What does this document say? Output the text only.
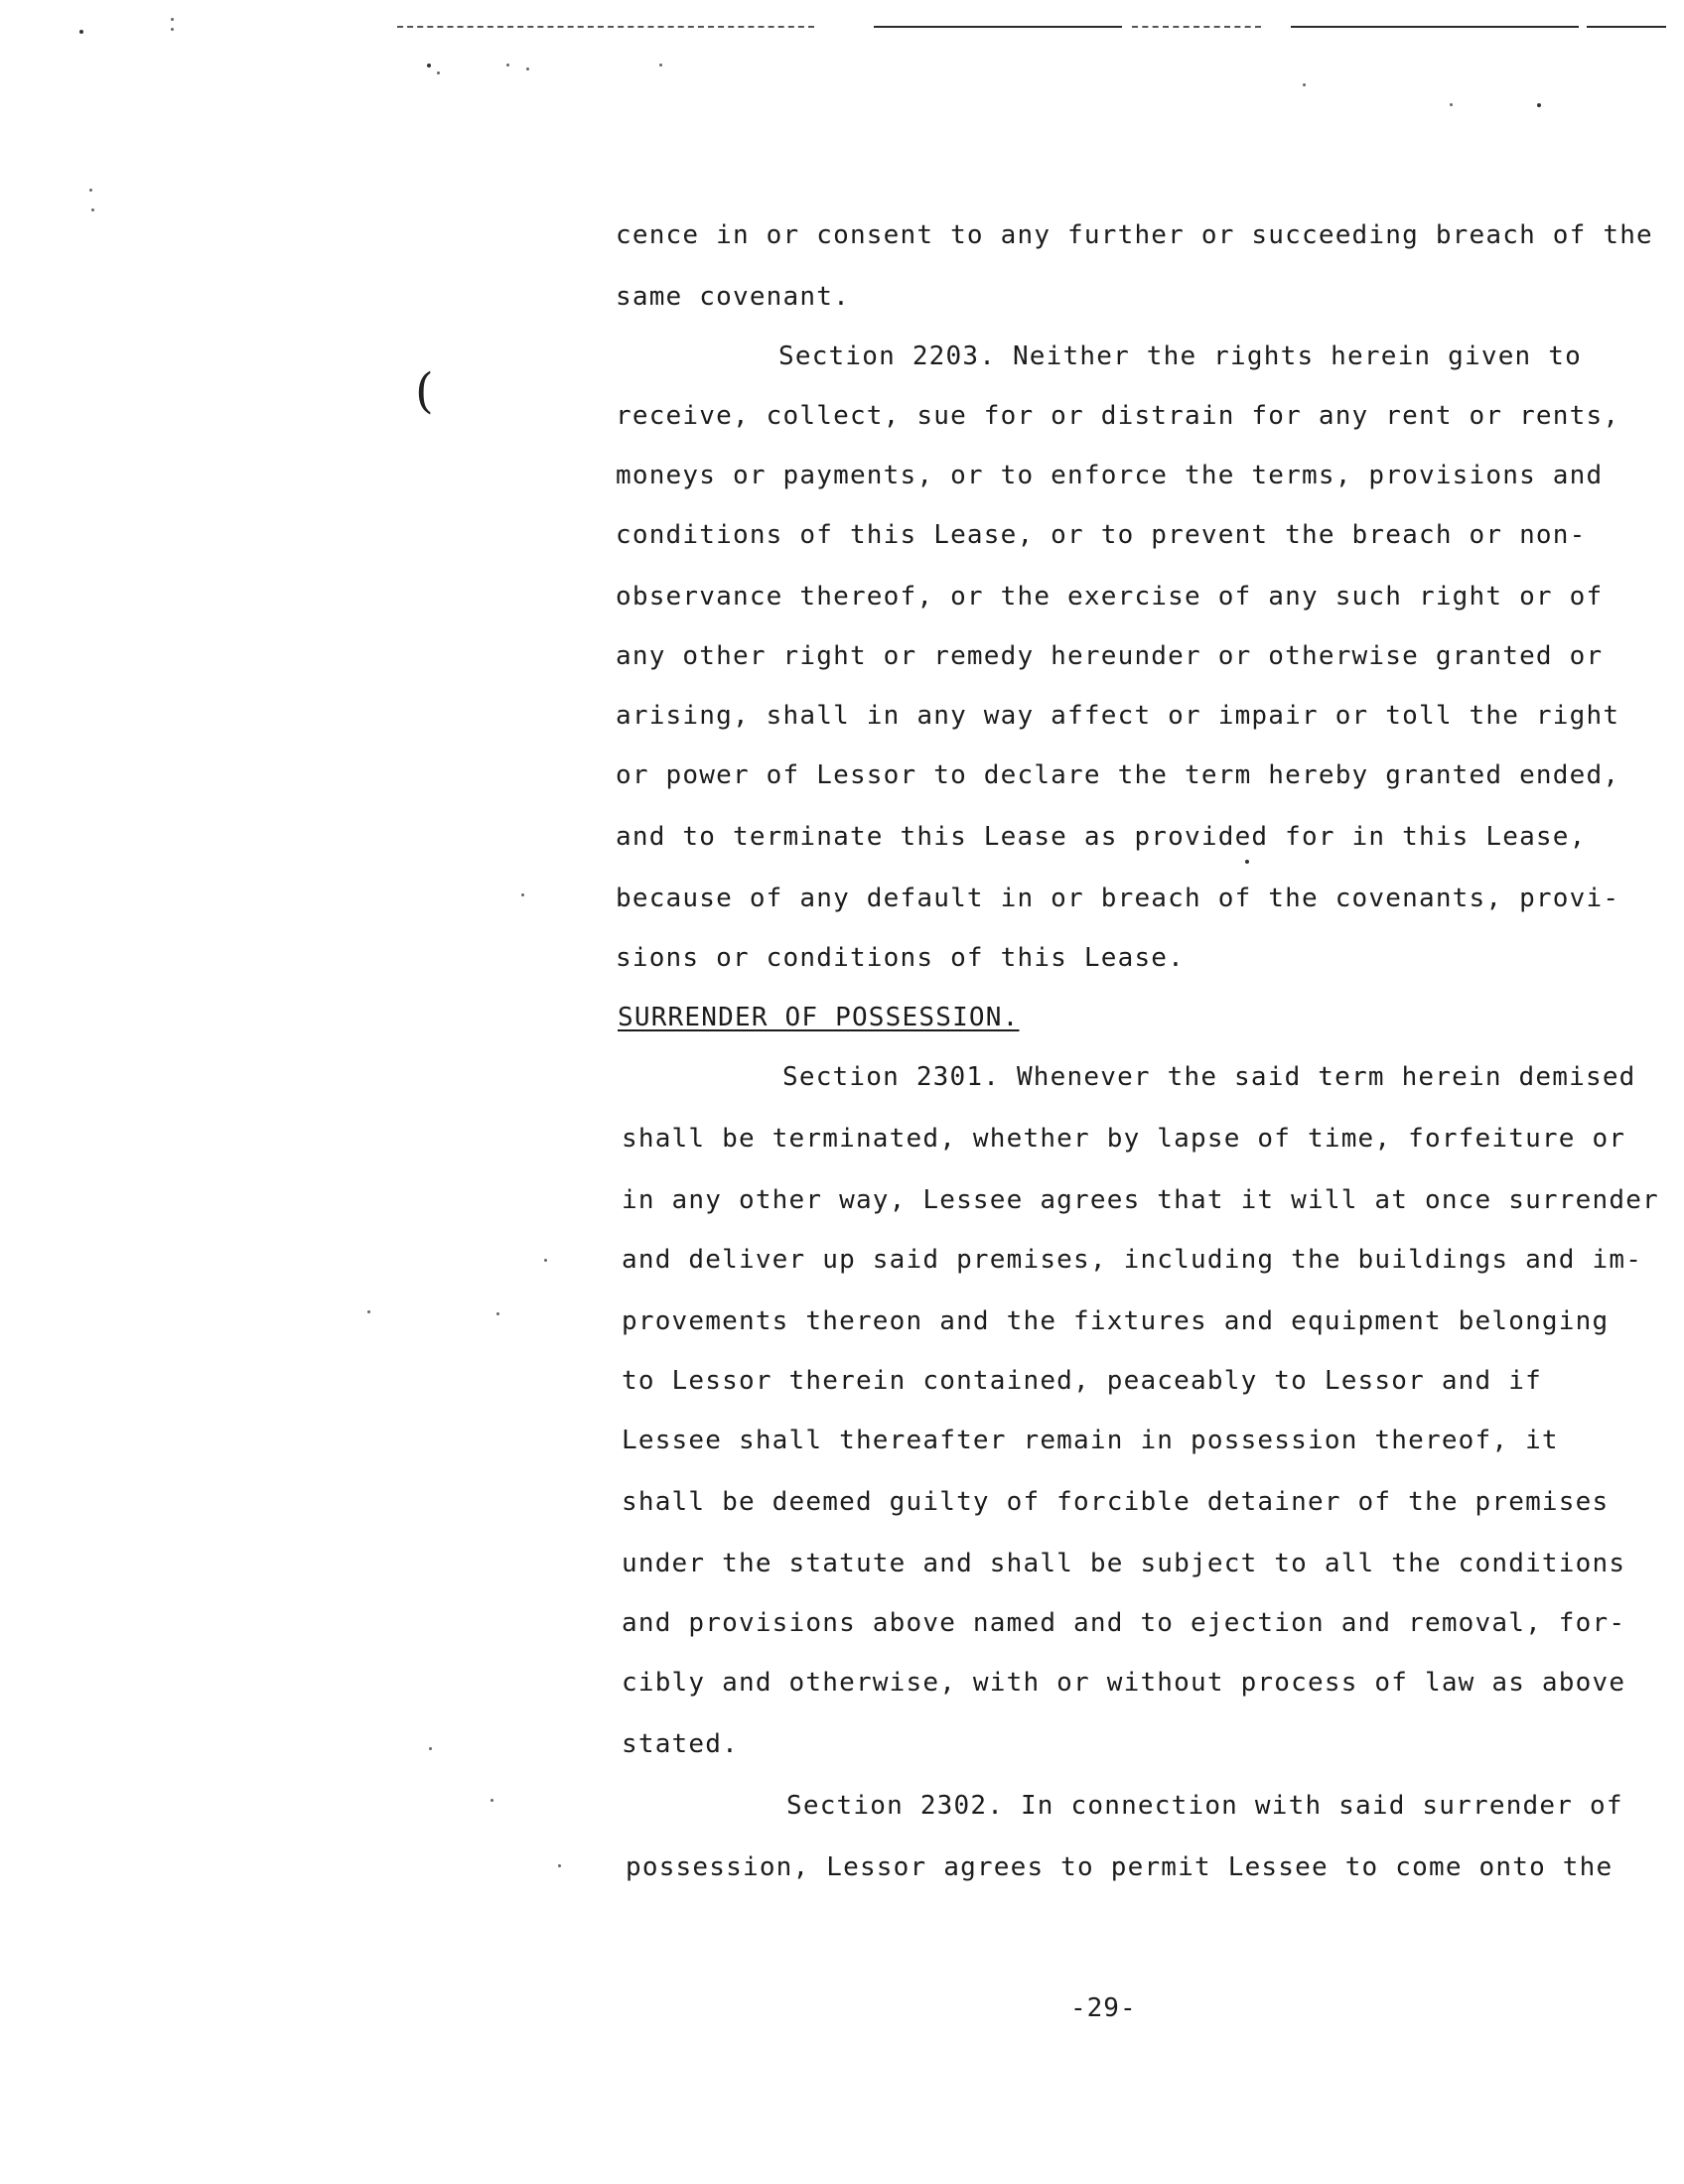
(
cence in or consent to any further or succeeding breach of the
same covenant.
Section 2203. Neither the rights herein given to
receive, collect, sue for or distrain for any rent or rents,
moneys or payments, or to enforce the terms, provisions and
conditions of this Lease, or to prevent the breach or non-
observance thereof, or the exercise of any such right or of
any other right or remedy hereunder or otherwise granted or
arising, shall in any way affect or impair or toll the right
or power of Lessor to declare the term hereby granted ended,
and to terminate this Lease as provided for in this Lease,
because of any default in or breach of the covenants, provi-
sions or conditions of this Lease.
SURRENDER OF POSSESSION.
Section 2301. Whenever the said term herein demised
shall be terminated, whether by lapse of time, forfeiture or
in any other way, Lessee agrees that it will at once surrender
and deliver up said premises, including the buildings and im-
provements thereon and the fixtures and equipment belonging
to Lessor therein contained, peaceably to Lessor and if
Lessee shall thereafter remain in possession thereof, it
shall be deemed guilty of forcible detainer of the premises
under the statute and shall be subject to all the conditions
and provisions above named and to ejection and removal, for-
cibly and otherwise, with or without process of law as above
stated.
Section 2302. In connection with said surrender of
possession, Lessor agrees to permit Lessee to come onto the
-29-
